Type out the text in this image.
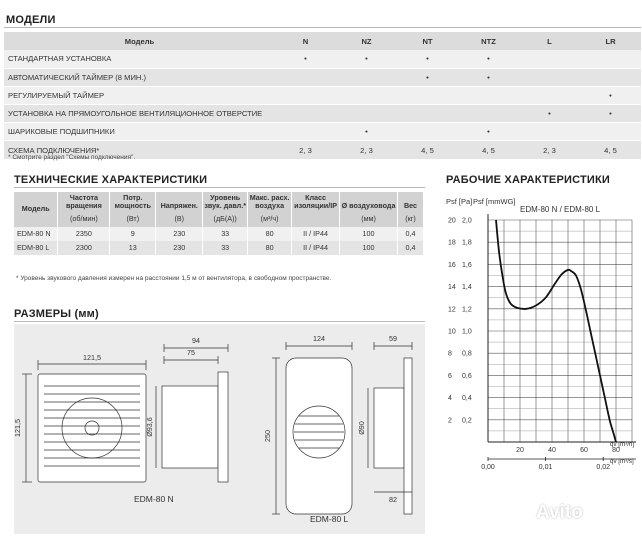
МОДЕЛИ
Модель	N	NZ	NT	NTZ	L	LR
СТАНДАРТНАЯ УСТАНОВКА	•	•	•	•		
АВТОМАТИЧЕСКИЙ ТАЙМЕР (8 МИН.)			•	•		
РЕГУЛИРУЕМЫЙ ТАЙМЕР						•
УСТАНОВКА НА ПРЯМОУГОЛЬНОЕ ВЕНТИЛЯЦИОННОЕ ОТВЕРСТИЕ					•	•
ШАРИКОВЫЕ ПОДШИПНИКИ		•		•		
СХЕМА ПОДКЛЮЧЕНИЯ*	2, 3	2, 3	4, 5	4, 5	2, 3	4, 5
* Смотрите раздел "Схемы подключения".
ТЕХНИЧЕСКИЕ ХАРАКТЕРИСТИКИ
Модель	Частота вращения	Потр. мощность	Напряжен.	Уровень звук. давл.*	Макс. расх. воздуха	Класс изоляции/IP	Ø воздуховода	Вес
	(об/мин)	(Вт)	(В)	(дБ(A))	(м³/ч)		(мм)	(кг)
EDM-80 N	2350	9	230	33	80	II / IP44	100	0,4
EDM-80 L	2300	13	230	33	80	II / IP44	100	0,4
* Уровень звукового давления измерен на расстоянии 1,5 м от вентилятора, в свободном пространстве.
РАЗМЕРЫ (мм)
121,5
121,5
94
75
Ø93,6
124
250
59
Ø90
82
EDM-80 N
EDM-80 L
РАБОЧИЕ ХАРАКТЕРИСТИКИ
2 0,2
4 0,4
6 0,6
8 0,8
10 1,0
12 1,2
14 1,4
16 1,6
18 1,8
20 2,0
20	40	60	80
0,00	0,01	0,02
Psf [Pa] Psf [mmWG]
EDM-80 N / EDM-80 L
qv [m³/h]
qv [m³/s]
Avito
